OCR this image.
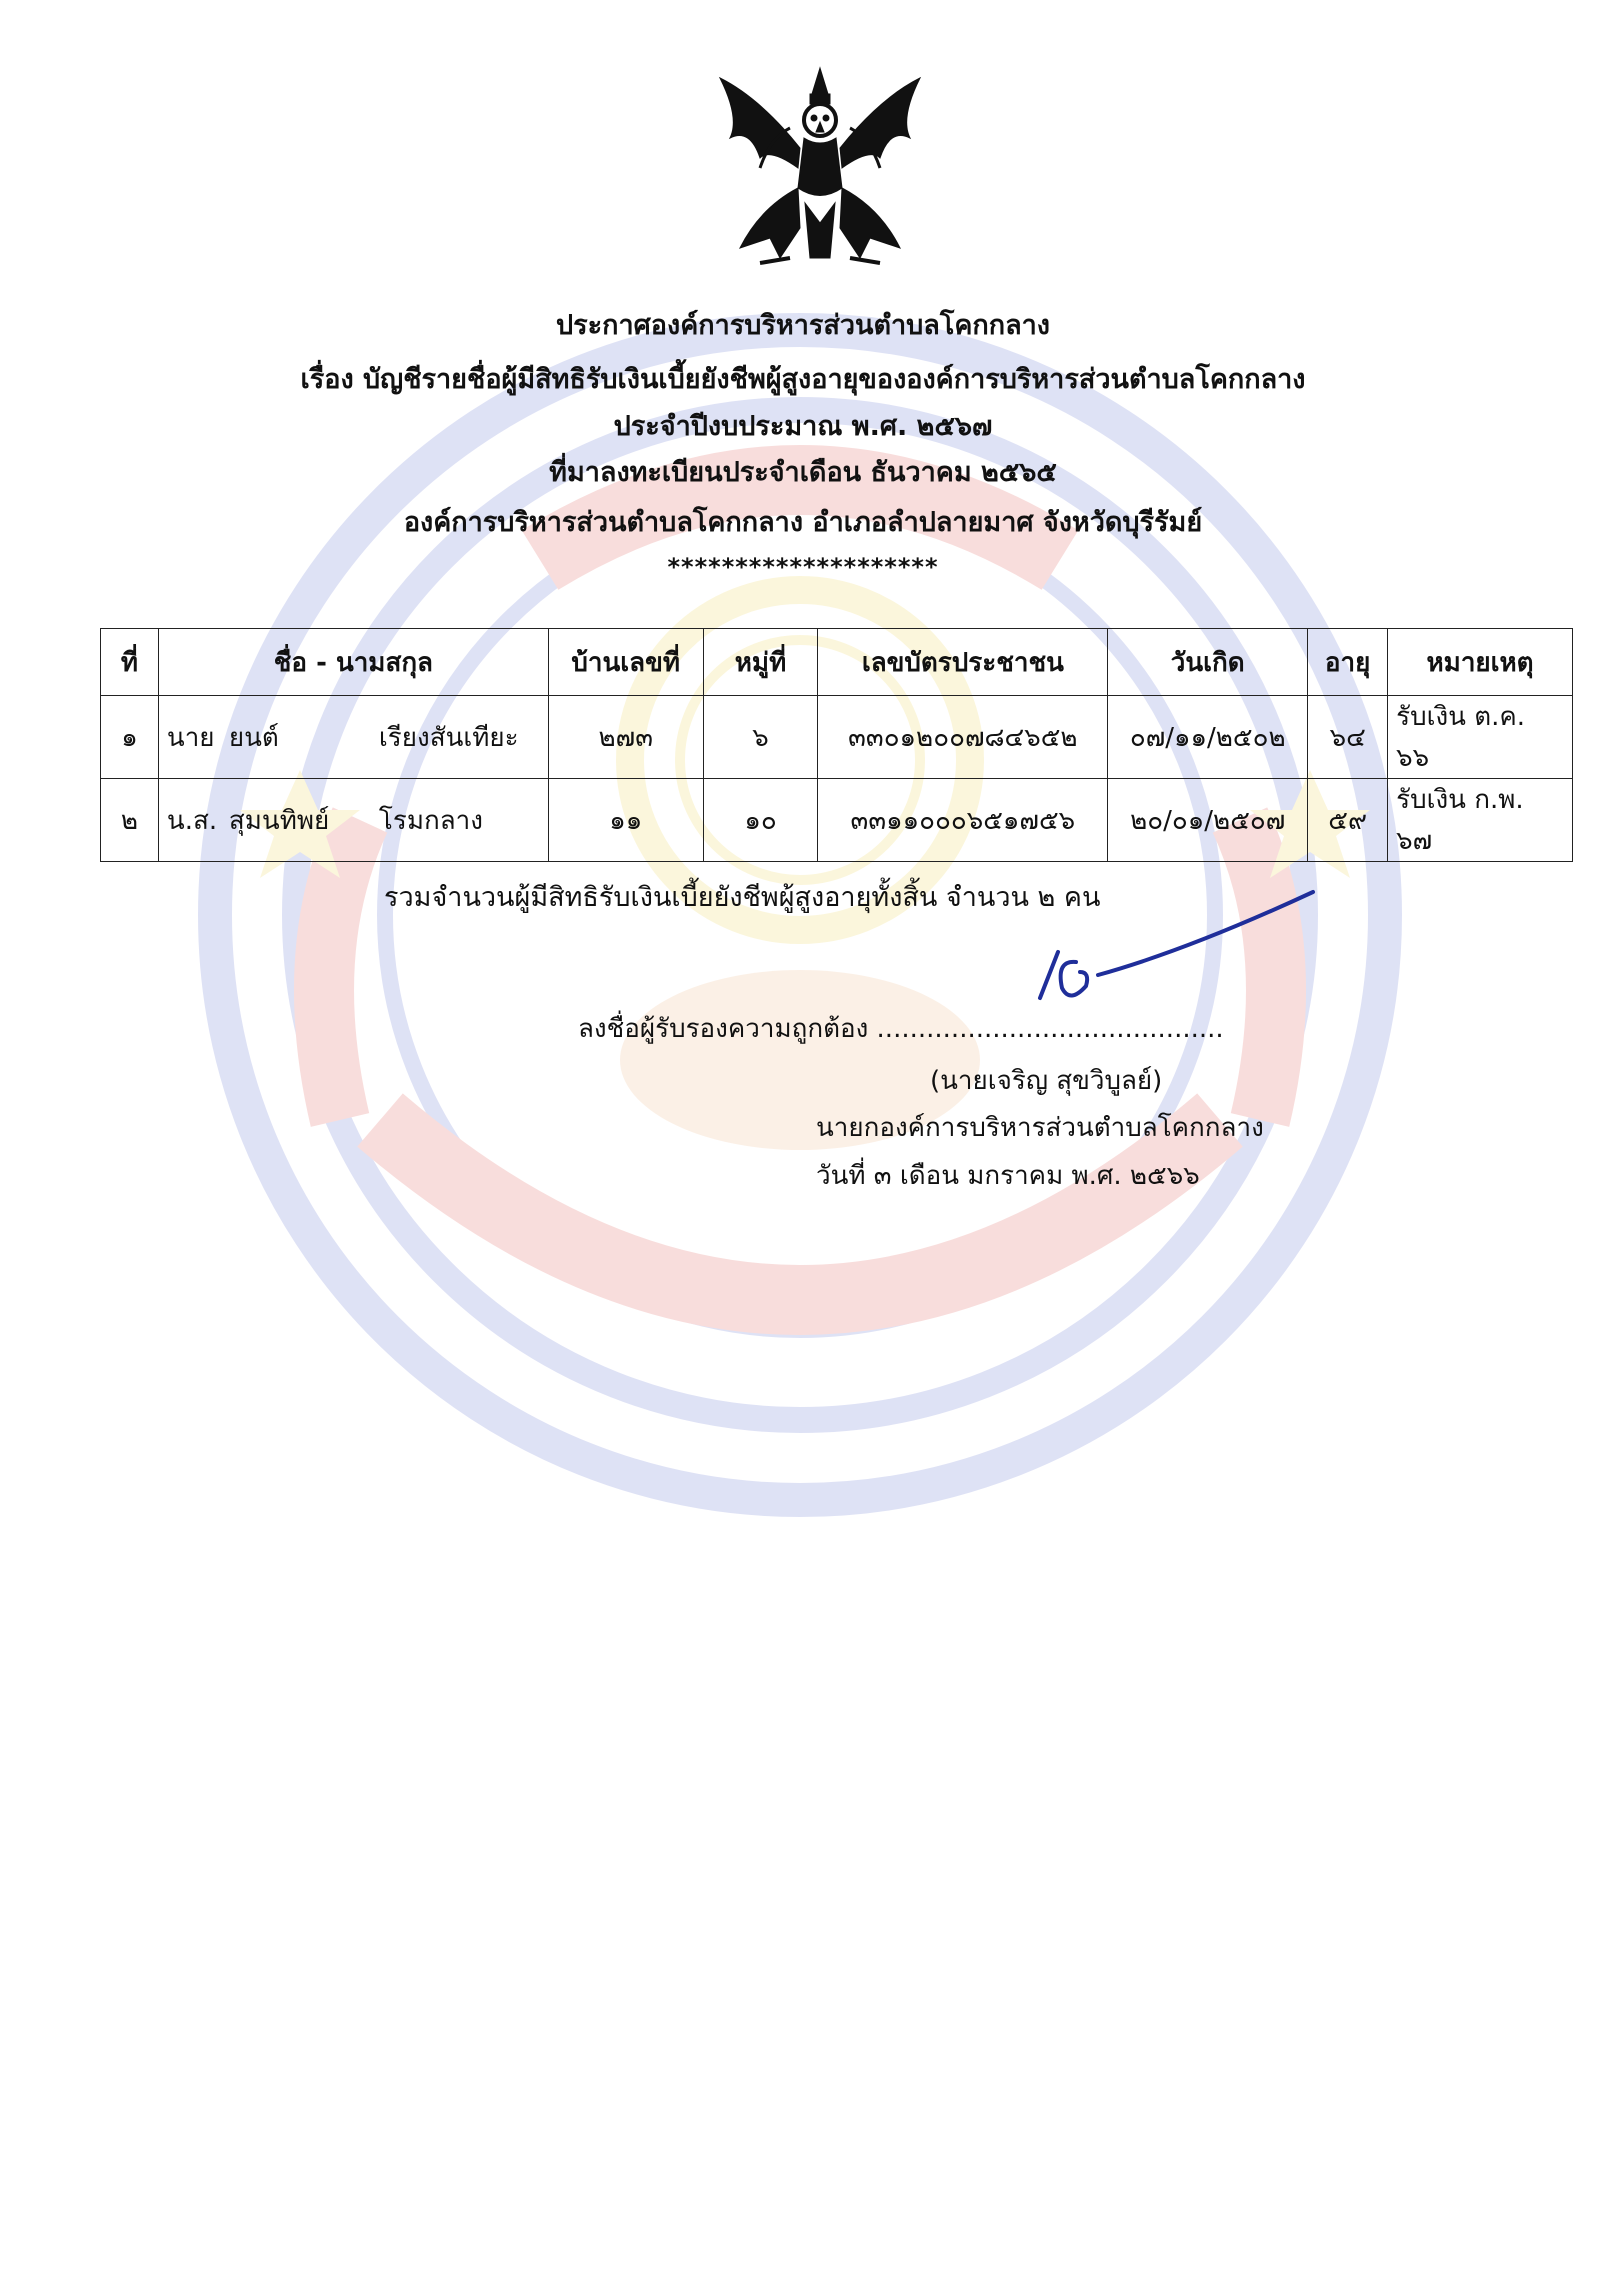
ประกาศองค์การบริหารส่วนตำบลโคกกลาง
เรื่อง บัญชีรายชื่อผู้มีสิทธิรับเงินเบี้ยยังชีพผู้สูงอายุขององค์การบริหารส่วนตำบลโคกกลาง
ประจำปีงบประมาณ พ.ศ. ๒๕๖๗
ที่มาลงทะเบียนประจำเดือน ธันวาคม ๒๕๖๕
องค์การบริหารส่วนตำบลโคกกลาง อำเภอลำปลายมาศ จังหวัดบุรีรัมย์
********************
ที่	ชื่อ - นามสกุล	บ้านเลขที่	หมู่ที่	เลขบัตรประชาชน	วันเกิด	อายุ	หมายเหตุ
๑	นาย ยนต์ เรียงสันเทียะ	๒๗๓	๖	๓๓๐๑๒๐๐๗๘๔๖๕๒	๐๗/๑๑/๒๕๐๒	๖๔	รับเงิน ต.ค. ๖๖
๒	น.ส. สุมนทิพย์ โรมกลาง	๑๑	๑๐	๓๓๑๑๐๐๐๖๕๑๗๕๖	๒๐/๐๑/๒๕๐๗	๕๙	รับเงิน ก.พ. ๖๗
รวมจำนวนผู้มีสิทธิรับเงินเบี้ยยังชีพผู้สูงอายุทั้งสิ้น จำนวน ๒ คน
ลงชื่อผู้รับรองความถูกต้อง ..........................................
(นายเจริญ สุขวิบูลย์)
นายกองค์การบริหารส่วนตำบลโคกกลาง
วันที่ ๓ เดือน มกราคม พ.ศ. ๒๕๖๖
